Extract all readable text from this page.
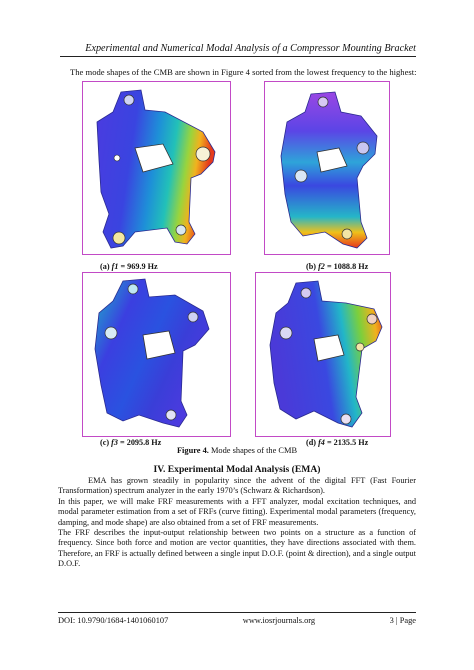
Experimental and Numerical Modal Analysis of a Compressor Mounting Bracket
The mode shapes of the CMB are shown in Figure 4 sorted from the lowest frequency to the highest:
(a) f1 = 969.9 Hz	(b) f2 = 1088.8 Hz
(c) f3 = 2095.8 Hz	(d) f4 = 2135.5 Hz
Figure 4. Mode shapes of the CMB
IV. Experimental Modal Analysis (EMA)
EMA has grown steadily in popularity since the advent of the digital FFT (Fast Fourier Transformation) spectrum analyzer in the early 1970’s (Schwarz & Richardson).
In this paper, we will make FRF measurements with a FFT analyzer, modal excitation techniques, and modal parameter estimation from a set of FRFs (curve fitting). Experimental modal parameters (frequency, damping, and mode shape) are also obtained from a set of FRF measurements.
The FRF describes the input-output relationship between two points on a structure as a function of frequency. Since both force and motion are vector quantities, they have directions associated with them. Therefore, an FRF is actually defined between a single input D.O.F. (point & direction), and a single output D.O.F.
DOI: 10.9790/1684-1401060107	www.iosrjournals.org	3 | Page
